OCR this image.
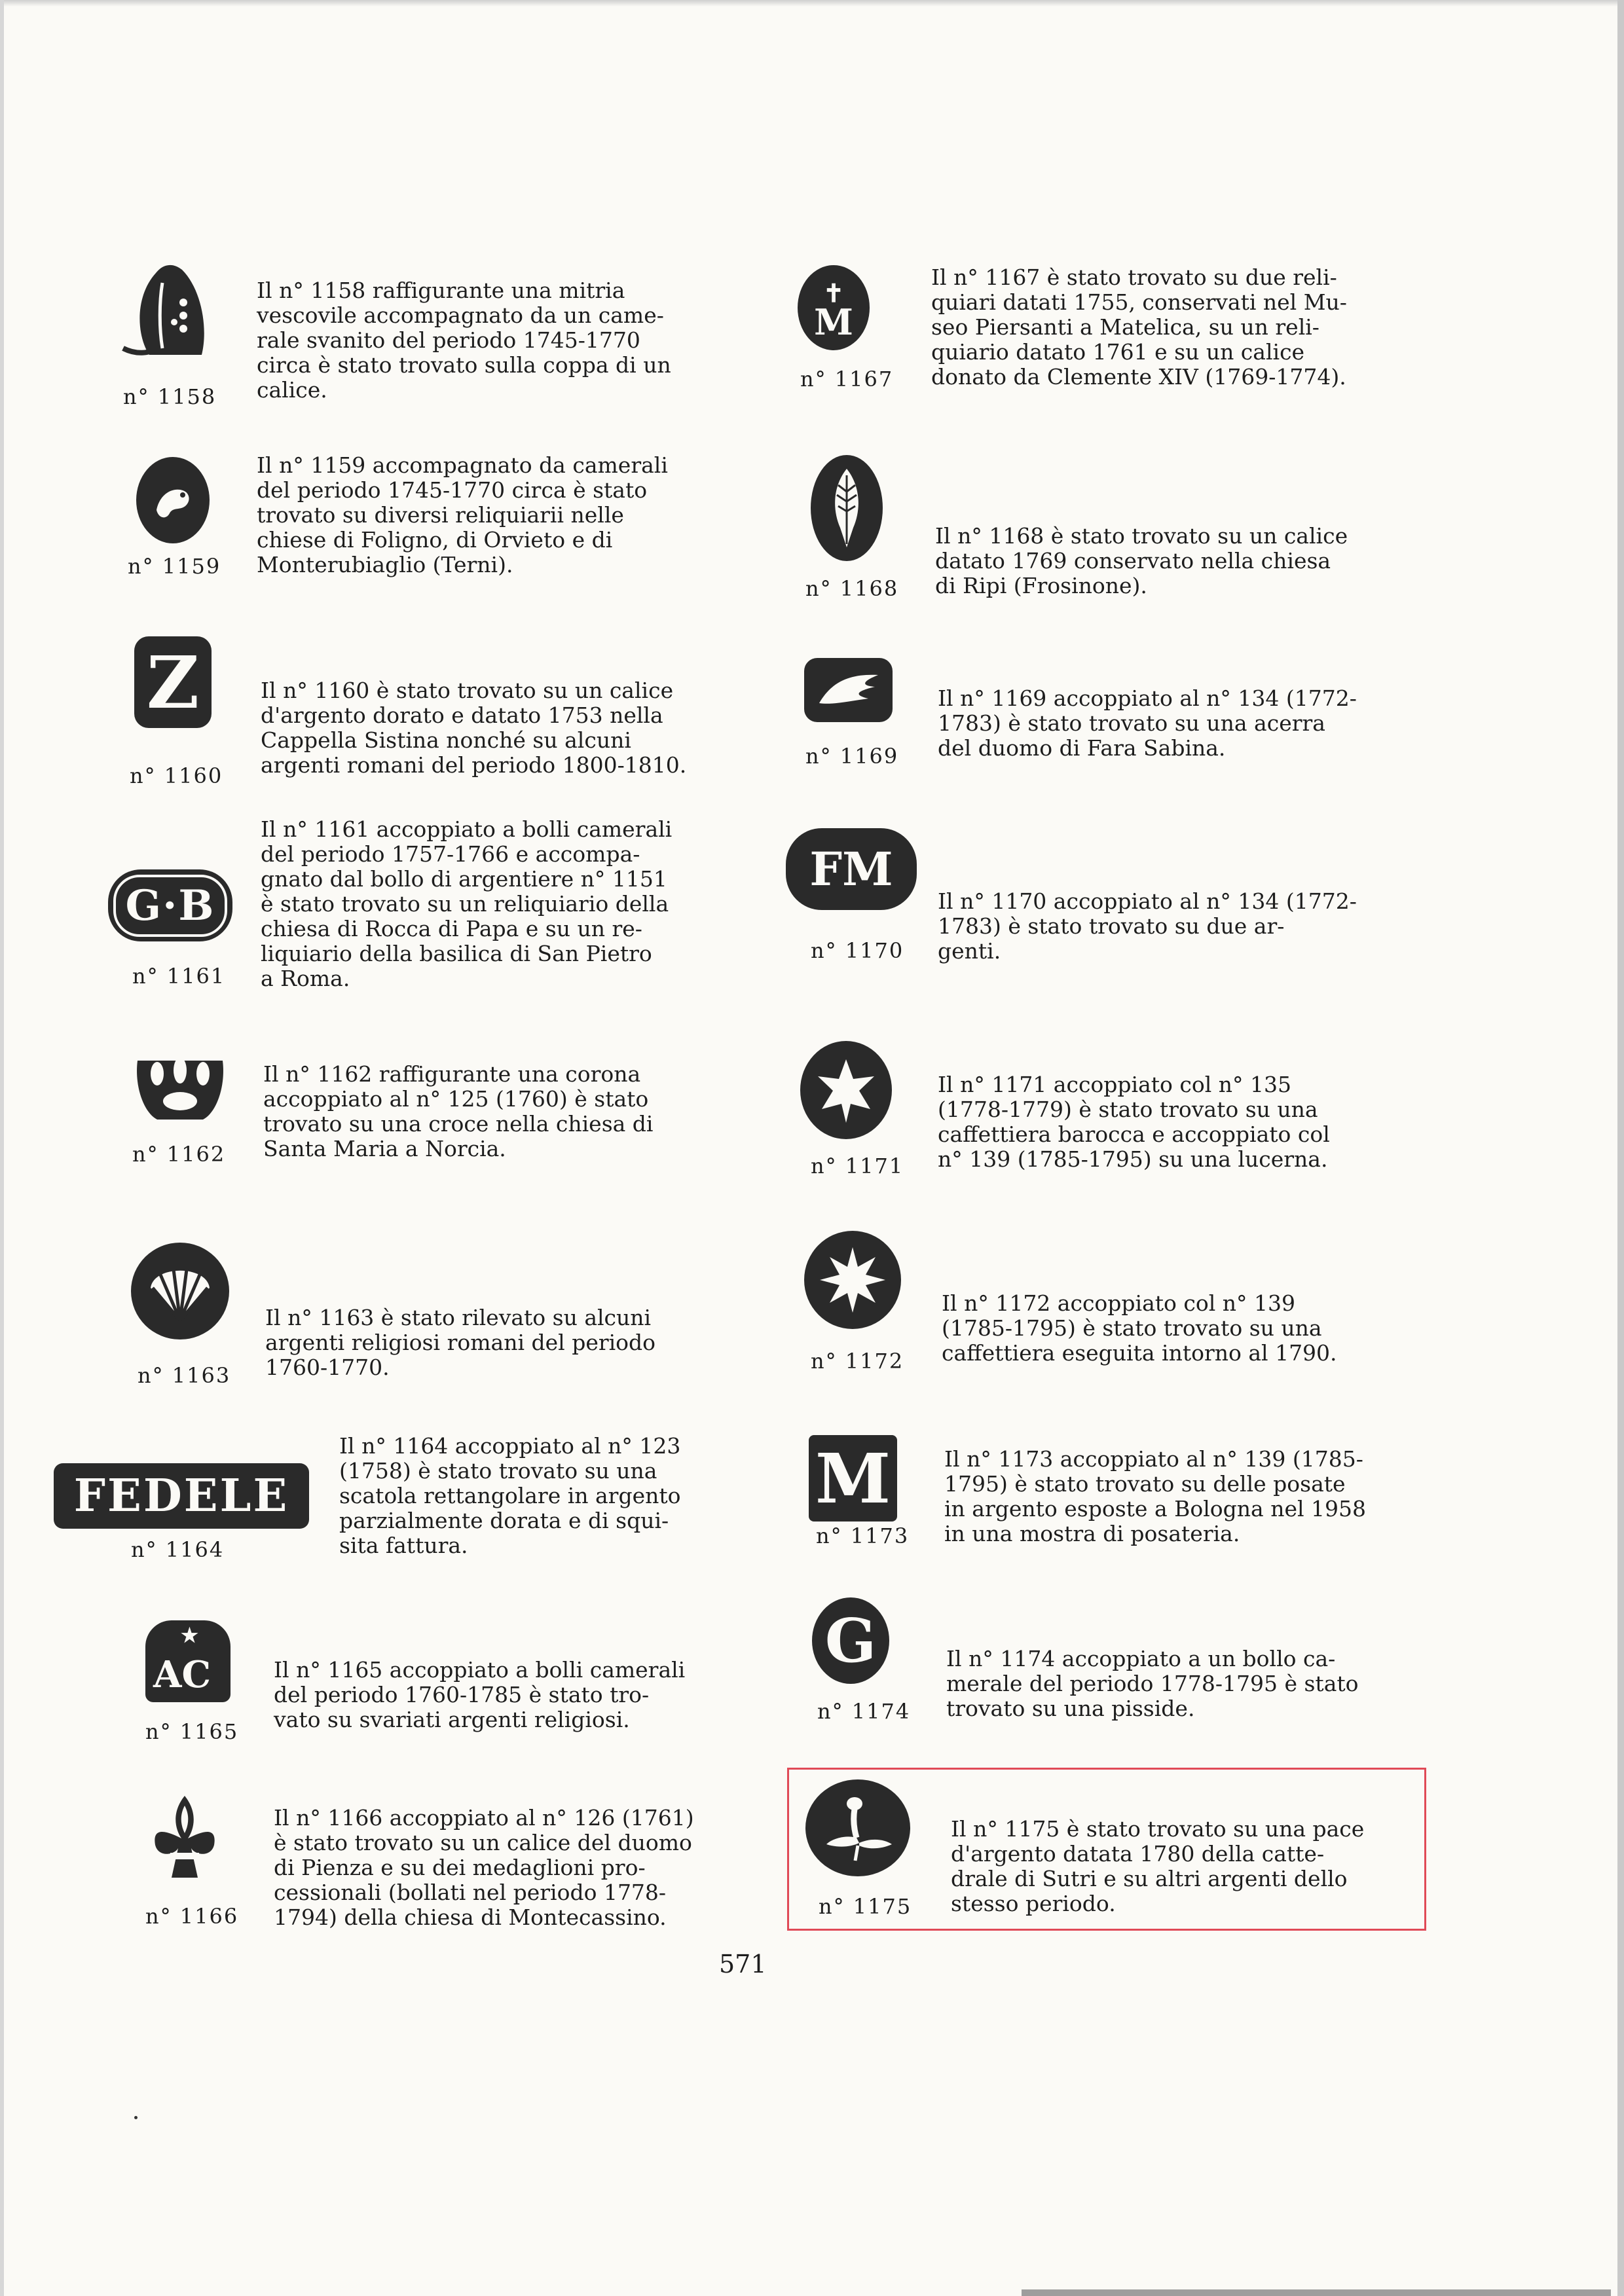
n° 1158
Il n° 1158 raffigurante una mitria
vescovile accompagnato da un came-
rale svanito del periodo 1745-1770
circa è stato trovato sulla coppa di un
calice.
n° 1159
Il n° 1159 accompagnato da camerali
del periodo 1745-1770 circa è stato
trovato su diversi reliquiarii nelle
chiese di Foligno, di Orvieto e di
Monterubiaglio (Terni).
Z
n° 1160
Il n° 1160 è stato trovato su un calice
d'argento dorato e datato 1753 nella
Cappella Sistina nonché su alcuni
argenti romani del periodo 1800-1810.
G·B
n° 1161
Il n° 1161 accoppiato a bolli camerali
del periodo 1757-1766 e accompa-
gnato dal bollo di argentiere n° 1151
è stato trovato su un reliquiario della
chiesa di Rocca di Papa e su un re-
liquiario della basilica di San Pietro
a Roma.
n° 1162
Il n° 1162 raffigurante una corona
accoppiato al n° 125 (1760) è stato
trovato su una croce nella chiesa di
Santa Maria a Norcia.
n° 1163
Il n° 1163 è stato rilevato su alcuni
argenti religiosi romani del periodo
1760-1770.
FEDELE
n° 1164
Il n° 1164 accoppiato al n° 123
(1758) è stato trovato su una
scatola rettangolare in argento
parzialmente dorata e di squi-
sita fattura.
★
AC
n° 1165
Il n° 1165 accoppiato a bolli camerali
del periodo 1760-1785 è stato tro-
vato su svariati argenti religiosi.
n° 1166
Il n° 1166 accoppiato al n° 126 (1761)
è stato trovato su un calice del duomo
di Pienza e su dei medaglioni pro-
cessionali (bollati nel periodo 1778-
1794) della chiesa di Montecassino.
✝
M
n° 1167
Il n° 1167 è stato trovato su due reli-
quiari datati 1755, conservati nel Mu-
seo Piersanti a Matelica, su un reli-
quiario datato 1761 e su un calice
donato da Clemente XIV (1769-1774).
n° 1168
Il n° 1168 è stato trovato su un calice
datato 1769 conservato nella chiesa
di Ripi (Frosinone).
n° 1169
Il n° 1169 accoppiato al n° 134 (1772-
1783) è stato trovato su una acerra
del duomo di Fara Sabina.
FM
n° 1170
Il n° 1170 accoppiato al n° 134 (1772-
1783) è stato trovato su due ar-
genti.
n° 1171
Il n° 1171 accoppiato col n° 135
(1778-1779) è stato trovato su una
caffettiera barocca e accoppiato col
n° 139 (1785-1795) su una lucerna.
n° 1172
Il n° 1172 accoppiato col n° 139
(1785-1795) è stato trovato su una
caffettiera eseguita intorno al 1790.
M
n° 1173
Il n° 1173 accoppiato al n° 139 (1785-
1795) è stato trovato su delle posate
in argento esposte a Bologna nel 1958
in una mostra di posateria.
G
n° 1174
Il n° 1174 accoppiato a un bollo ca-
merale del periodo 1778-1795 è stato
trovato su una pisside.
n° 1175
Il n° 1175 è stato trovato su una pace
d'argento datata 1780 della catte-
drale di Sutri e su altri argenti dello
stesso periodo.
571
